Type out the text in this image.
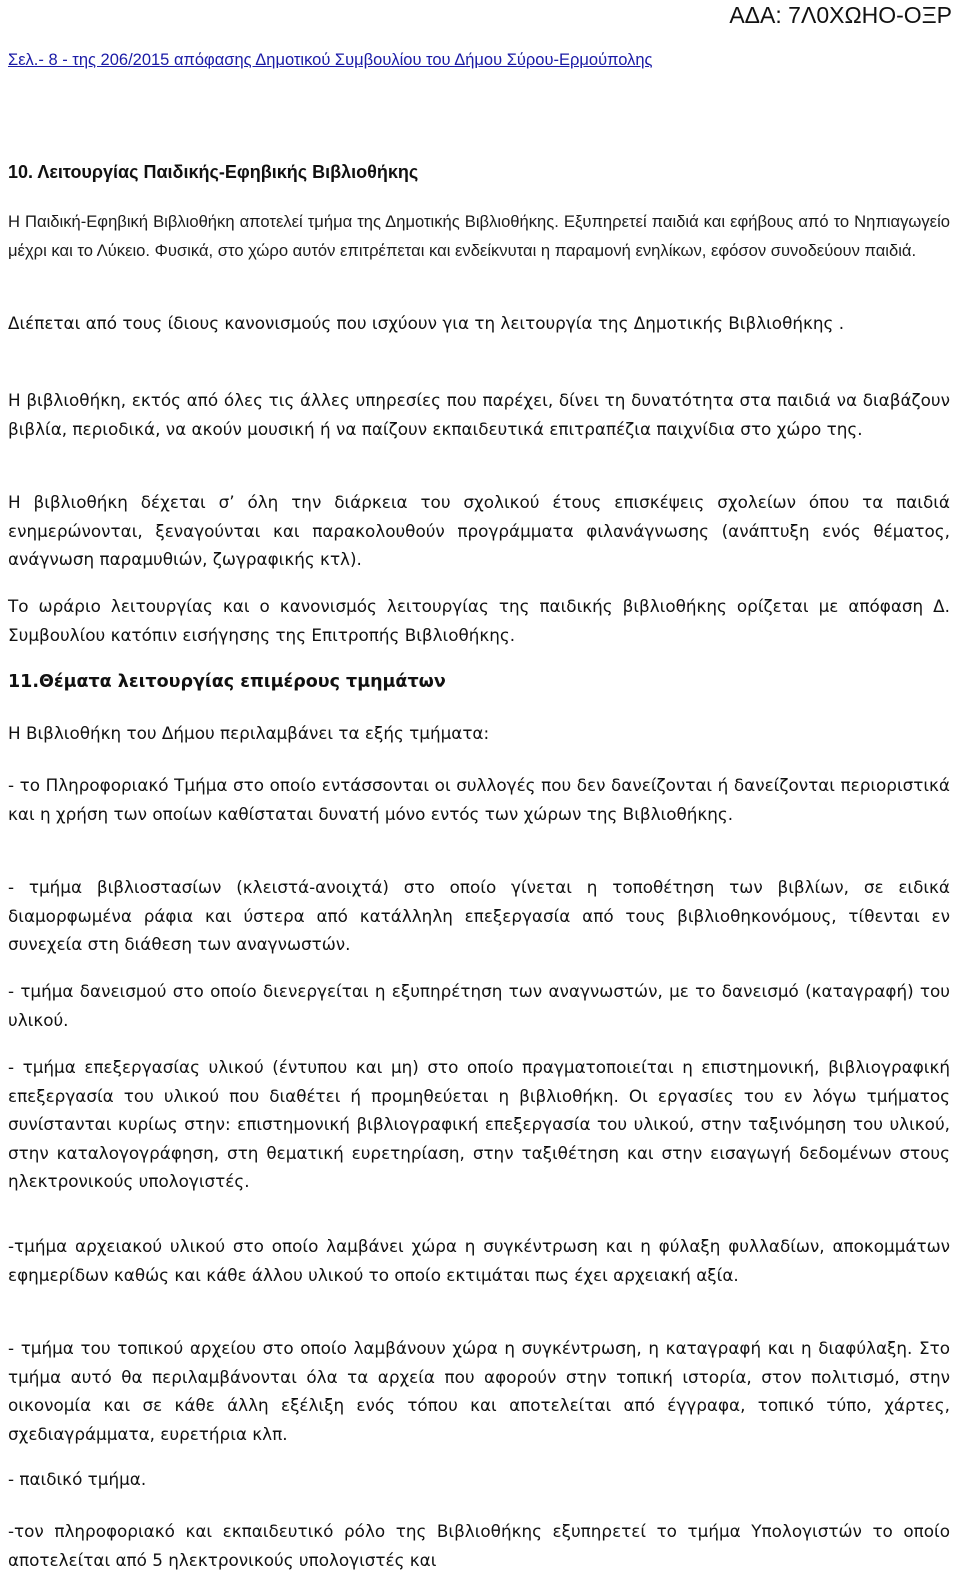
ΑΔΑ: 7Λ0ΧΩΗΟ-ΟΞΡ
Σελ.- 8 - της 206/2015 απόφασης Δημοτικού Συμβουλίου του Δήμου Σύρου-Ερμούπολης
10. Λειτουργίας Παιδικής-Εφηβικής Βιβλιοθήκης
Η Παιδική-Εφηβική Βιβλιοθήκη αποτελεί τμήμα της Δημοτικής Βιβλιοθήκης. Εξυπηρετεί παιδιά και εφήβους από το Νηπιαγωγείο μέχρι και το Λύκειο. Φυσικά, στο χώρο αυτόν επιτρέπεται και ενδείκνυται η παραμονή ενηλίκων, εφόσον συνοδεύουν παιδιά.
Διέπεται από τους ίδιους κανονισμούς που ισχύουν για τη λειτουργία της Δημοτικής Βιβλιοθήκης .
Η βιβλιοθήκη, εκτός από όλες τις άλλες υπηρεσίες που παρέχει, δίνει τη δυνατότητα στα παιδιά να διαβάζουν βιβλία, περιοδικά, να ακούν μουσική ή να παίζουν εκπαιδευτικά επιτραπέζια παιχνίδια στο χώρο της.
Η βιβλιοθήκη δέχεται σ’ όλη την διάρκεια του σχολικού έτους επισκέψεις σχολείων όπου τα παιδιά ενημερώνονται, ξεναγούνται και παρακολουθούν προγράμματα φιλανάγνωσης (ανάπτυξη ενός θέματος, ανάγνωση παραμυθιών, ζωγραφικής κτλ).
Το ωράριο λειτουργίας και ο κανονισμός λειτουργίας της παιδικής βιβλιοθήκης ορίζεται με απόφαση Δ. Συμβουλίου κατόπιν εισήγησης της Επιτροπής Βιβλιοθήκης.
11.Θέματα λειτουργίας επιμέρους τμημάτων
Η Βιβλιοθήκη του Δήμου περιλαμβάνει τα εξής τμήματα:
- το Πληροφοριακό Τμήμα στο οποίο εντάσσονται οι συλλογές που δεν δανείζονται ή δανείζονται περιοριστικά και η χρήση των οποίων καθίσταται δυνατή μόνο εντός των χώρων της Βιβλιοθήκης.
- τμήμα βιβλιοστασίων (κλειστά-ανοιχτά) στο οποίο γίνεται η τοποθέτηση των βιβλίων, σε ειδικά διαμορφωμένα ράφια και ύστερα από κατάλληλη επεξεργασία από τους βιβλιοθηκονόμους, τίθενται εν συνεχεία στη διάθεση των αναγνωστών.
- τμήμα δανεισμού στο οποίο διενεργείται η εξυπηρέτηση των αναγνωστών, με το δανεισμό (καταγραφή) του υλικού.
- τμήμα επεξεργασίας υλικού (έντυπου και μη) στο οποίο πραγματοποιείται η επιστημονική, βιβλιογραφική επεξεργασία του υλικού που διαθέτει ή προμηθεύεται η βιβλιοθήκη. Οι εργασίες του εν λόγω τμήματος συνίστανται κυρίως στην: επιστημονική βιβλιογραφική επεξεργασία του υλικού, στην ταξινόμηση του υλικού, στην καταλογογράφηση, στη θεματική ευρετηρίαση, στην ταξιθέτηση και στην εισαγωγή δεδομένων στους ηλεκτρονικούς υπολογιστές.
-τμήμα αρχειακού υλικού στο οποίο λαμβάνει χώρα η συγκέντρωση και η φύλαξη φυλλαδίων, αποκομμάτων εφημερίδων καθώς και κάθε άλλου υλικού το οποίο εκτιμάται πως έχει αρχειακή αξία.
- τμήμα του τοπικού αρχείου στο οποίο λαμβάνουν χώρα η συγκέντρωση, η καταγραφή και η διαφύλαξη. Στο τμήμα αυτό θα περιλαμβάνονται όλα τα αρχεία που αφορούν στην τοπική ιστορία, στον πολιτισμό, στην οικονομία και σε κάθε άλλη εξέλιξη ενός τόπου και αποτελείται από έγγραφα, τοπικό τύπο, χάρτες, σχεδιαγράμματα, ευρετήρια κλπ.
- παιδικό τμήμα.
-τον πληροφοριακό και εκπαιδευτικό ρόλο της Βιβλιοθήκης εξυπηρετεί το τμήμα Υπολογιστών το οποίο αποτελείται από 5 ηλεκτρονικούς υπολογιστές και
